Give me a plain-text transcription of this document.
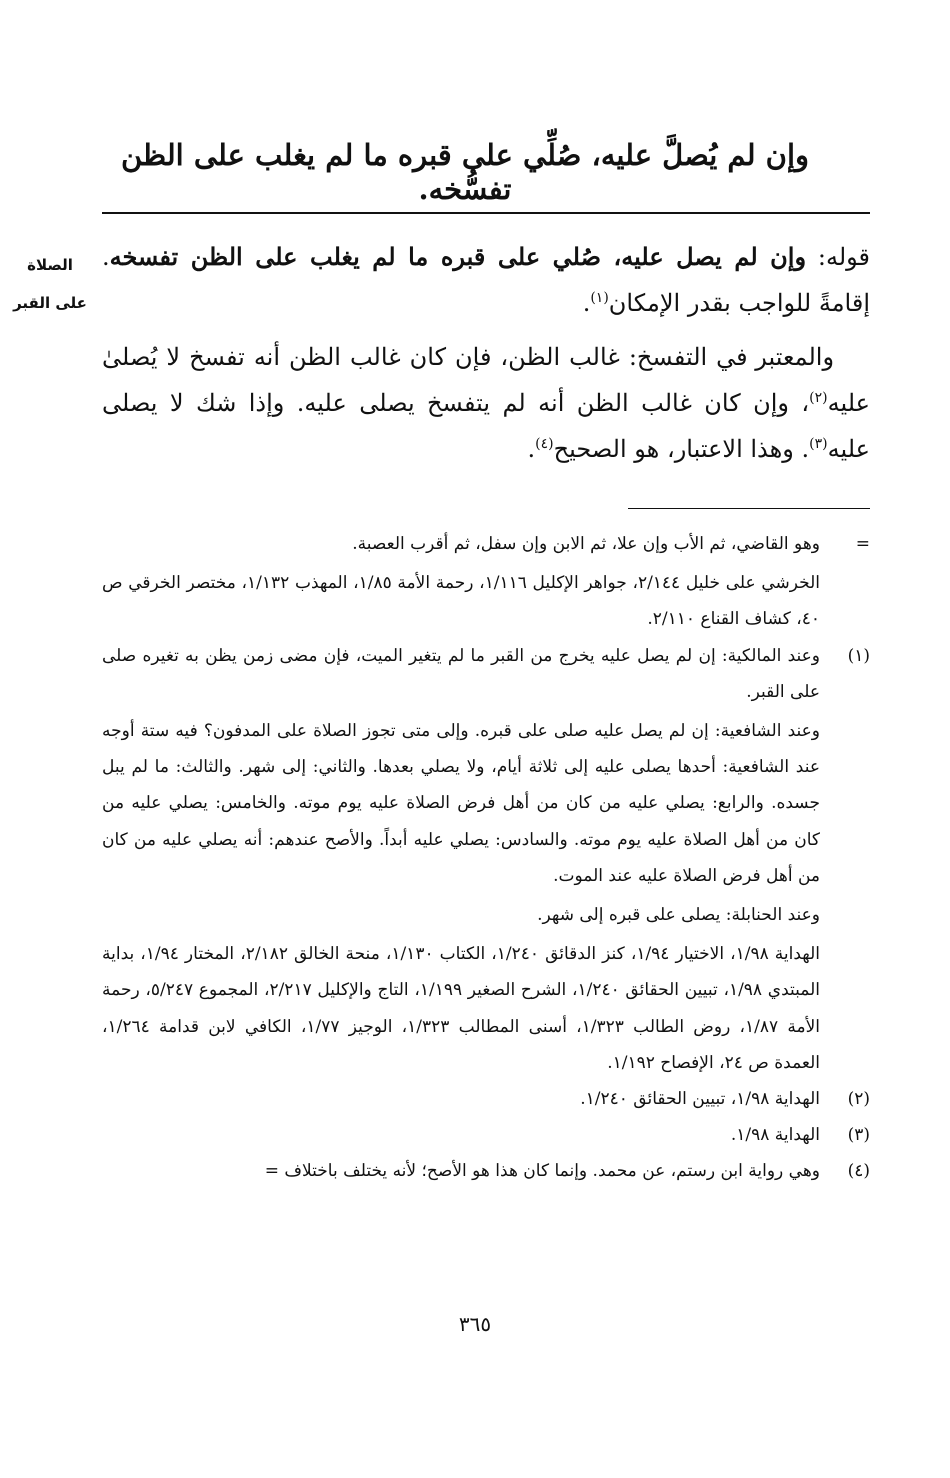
وإن لم يُصلَّ عليه، صُلِّي على قبره ما لم يغلب على الظن تفسُّخه.
الصلاة
على القبر

قوله: وإن لم يصل عليه، صُلي على قبره ما لم يغلب على الظن تفسخه. إقامةً للواجب بقدر الإمكان$^{(١)}$.

والمعتبر في التفسخ: غالب الظن، فإن كان غالب الظن أنه تفسخ لا يُصلىٰ عليه$^{(٢)}$، وإن كان غالب الظن أنه لم يتفسخ يصلى عليه. وإذا شك لا يصلى عليه$^{(٣)}$. وهذا الاعتبار، هو الصحيح$^{(٤)}$.

=

وهو القاضي، ثم الأب وإن علا، ثم الابن وإن سفل، ثم أقرب العصبة.

الخرشي على خليل ٢/١٤٤، جواهر الإكليل ١/١١٦، رحمة الأمة ١/٨٥، المهذب ١/١٣٢، مختصر الخرقي ص ٤٠، كشاف القناع ٢/١١٠.

(١)

وعند المالكية: إن لم يصل عليه يخرج من القبر ما لم يتغير الميت، فإن مضى زمن يظن به تغيره صلى على القبر.

وعند الشافعية: إن لم يصل عليه صلى على قبره. وإلى متى تجوز الصلاة على المدفون؟ فيه ستة أوجه عند الشافعية: أحدها يصلى عليه إلى ثلاثة أيام، ولا يصلي بعدها. والثاني: إلى شهر. والثالث: ما لم يبل جسده. والرابع: يصلي عليه من كان من أهل فرض الصلاة عليه يوم موته. والخامس: يصلي عليه من كان من أهل الصلاة عليه يوم موته. والسادس: يصلي عليه أبداً. والأصح عندهم: أنه يصلي عليه من كان من أهل فرض الصلاة عليه عند الموت.

وعند الحنابلة: يصلى على قبره إلى شهر.

الهداية ١/٩٨، الاختيار ١/٩٤، كنز الدقائق ١/٢٤٠، الكتاب ١/١٣٠، منحة الخالق ٢/١٨٢، المختار ١/٩٤، بداية المبتدي ١/٩٨، تبيين الحقائق ١/٢٤٠، الشرح الصغير ١/١٩٩، التاج والإكليل ٢/٢١٧، المجموع ٥/٢٤٧، رحمة الأمة ١/٨٧، روض الطالب ١/٣٢٣، أسنى المطالب ١/٣٢٣، الوجيز ١/٧٧، الكافي لابن قدامة ١/٢٦٤، العمدة ص ٢٤، الإفصاح ١/١٩٢.

(٢)

الهداية ١/٩٨، تبيين الحقائق ١/٢٤٠.

(٣)

الهداية ١/٩٨.

(٤)

وهي رواية ابن رستم، عن محمد. وإنما كان هذا هو الأصح؛ لأنه يختلف باختلاف =

٣٦٥
